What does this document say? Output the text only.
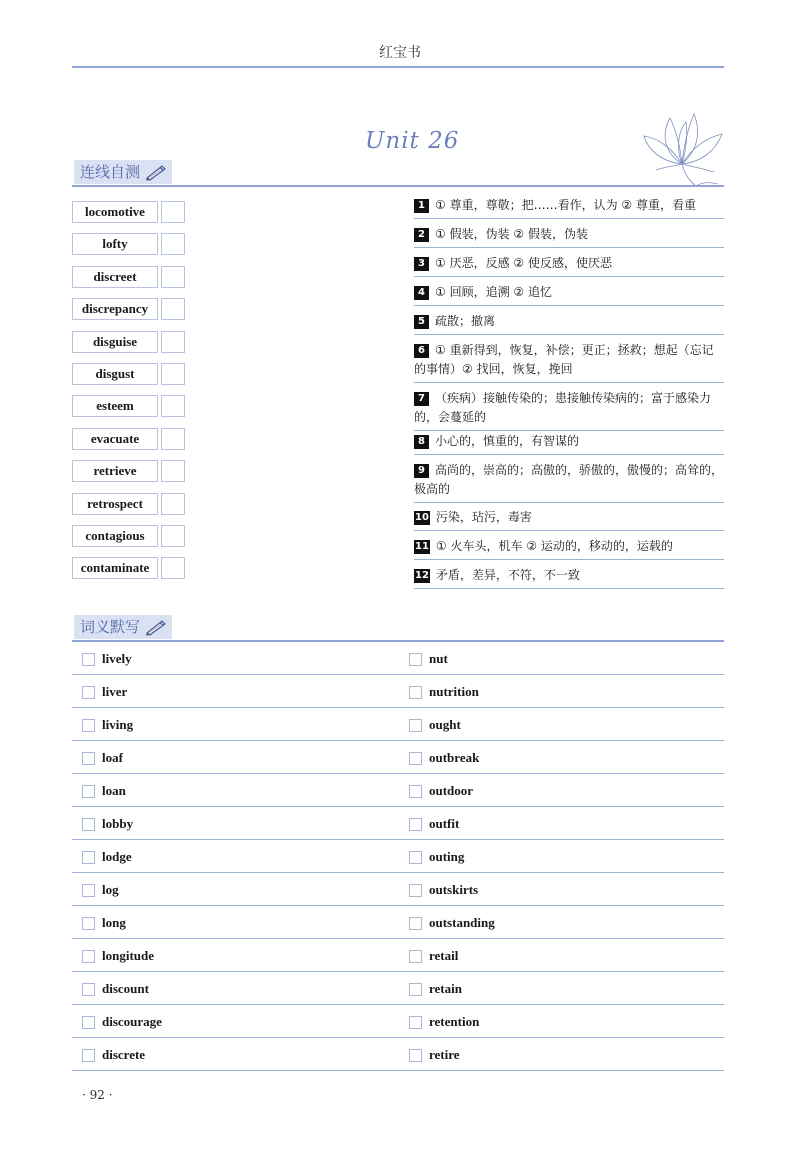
红宝书
Unit 26
连线自测
locomotive
lofty
discreet
discrepancy
disguise
disgust
esteem
evacuate
retrieve
retrospect
contagious
contaminate
1 ① 尊重，尊敬；把……看作，认为 ② 尊重，看重
2 ① 假装，伪装 ② 假装，伪装
3 ① 厌恶，反感 ② 使反感，使厌恶
4 ① 回顾，追溯 ② 追忆
5 疏散；撤离
6 ① 重新得到，恢复，补偿；更正；拯救；想起（忘记的事情）② 找回，恢复，挽回
7 （疾病）接触传染的；患接触传染病的；富于感染力的，会蔓延的
8 小心的，慎重的，有智谋的
9 高尚的，崇高的；高傲的，骄傲的，傲慢的；高耸的，极高的
10 污染，玷污，毒害
11 ① 火车头，机车 ② 运动的，移动的，运载的
12 矛盾，差异，不符，不一致
词义默写
lively	nut
liver	nutrition
living	ought
loaf	outbreak
loan	outdoor
lobby	outfit
lodge	outing
log	outskirts
long	outstanding
longitude	retail
discount	retain
discourage	retention
discrete	retire
· 92 ·
